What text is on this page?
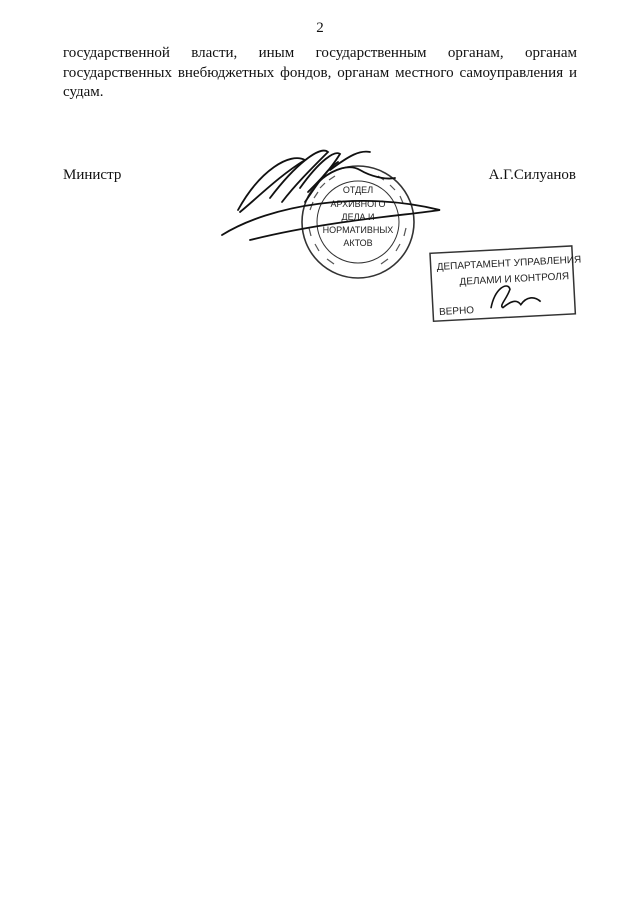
2
государственной власти, иным государственным органам, органам
государственных внебюджетных фондов, органам местного самоуправления и
судам.
Министр	А.Г.Силуанов
ОТДЕЛ
АРХИВНОГО
ДЕЛА И
НОРМАТИВНЫХ
АКТОВ
ДЕПАРТАМЕНТ УПРАВЛЕНИЯ
ДЕЛАМИ И КОНТРОЛЯ
ВЕРНО
